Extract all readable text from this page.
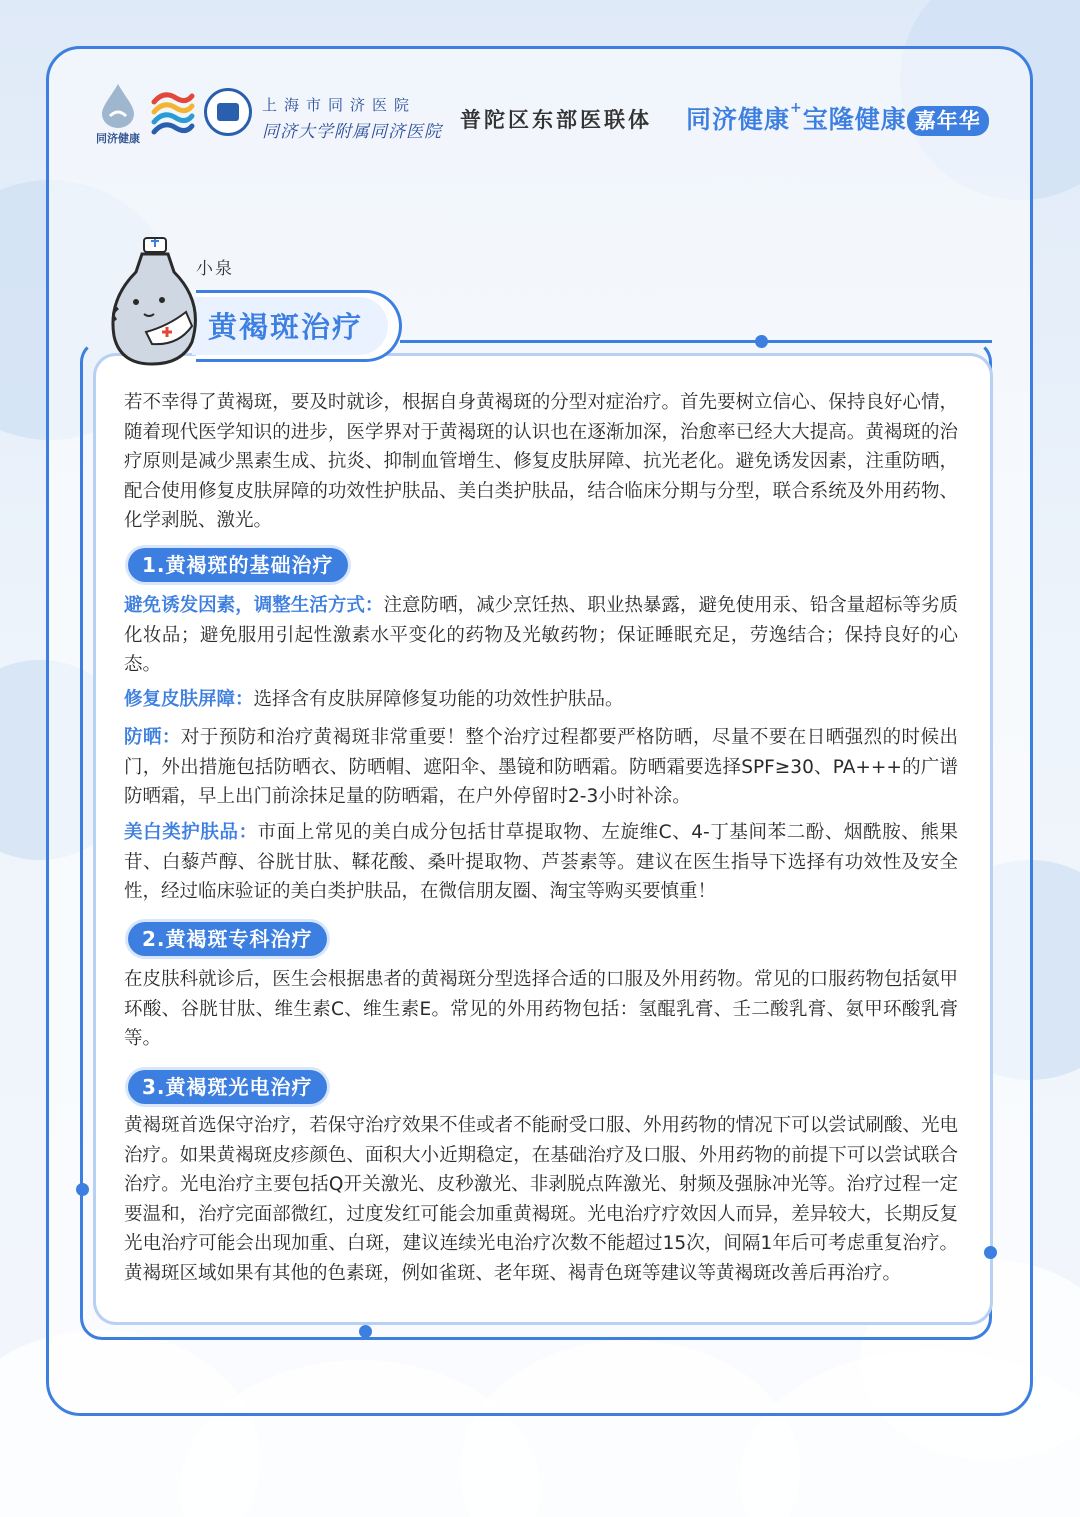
同济健康
上海市同济医院
同济大学附属同济医院 普陀区东部医联体 同济健康+宝隆健康 嘉年华
黄褐斑治疗
小泉
若不幸得了黄褐斑，要及时就诊，根据自身黄褐斑的分型对症治疗。首先要树立信心、保持良好心情，随着现代医学知识的进步，医学界对于黄褐斑的认识也在逐渐加深，治愈率已经大大提高。黄褐斑的治疗原则是减少黑素生成、抗炎、抑制血管增生、修复皮肤屏障、抗光老化。避免诱发因素，注重防晒，配合使用修复皮肤屏障的功效性护肤品、美白类护肤品，结合临床分期与分型，联合系统及外用药物、化学剥脱、激光。
1.黄褐斑的基础治疗
避免诱发因素，调整生活方式：注意防晒，减少烹饪热、职业热暴露，避免使用汞、铅含量超标等劣质化妆品；避免服用引起性激素水平变化的药物及光敏药物；保证睡眠充足，劳逸结合；保持良好的心态。
修复皮肤屏障：选择含有皮肤屏障修复功能的功效性护肤品。
防晒：对于预防和治疗黄褐斑非常重要！整个治疗过程都要严格防晒，尽量不要在日晒强烈的时候出门，外出措施包括防晒衣、防晒帽、遮阳伞、墨镜和防晒霜。防晒霜要选择SPF≥30、PA+++的广谱防晒霜，早上出门前涂抹足量的防晒霜，在户外停留时2-3小时补涂。
美白类护肤品：市面上常见的美白成分包括甘草提取物、左旋维C、4-丁基间苯二酚、烟酰胺、熊果苷、白藜芦醇、谷胱甘肽、鞣花酸、桑叶提取物、芦荟素等。建议在医生指导下选择有功效性及安全性，经过临床验证的美白类护肤品，在微信朋友圈、淘宝等购买要慎重！
2.黄褐斑专科治疗
在皮肤科就诊后，医生会根据患者的黄褐斑分型选择合适的口服及外用药物。常见的口服药物包括氨甲环酸、谷胱甘肽、维生素C、维生素E。常见的外用药物包括：氢醌乳膏、壬二酸乳膏、氨甲环酸乳膏等。
3.黄褐斑光电治疗
黄褐斑首选保守治疗，若保守治疗效果不佳或者不能耐受口服、外用药物的情况下可以尝试刷酸、光电治疗。如果黄褐斑皮疹颜色、面积大小近期稳定，在基础治疗及口服、外用药物的前提下可以尝试联合治疗。光电治疗主要包括Q开关激光、皮秒激光、非剥脱点阵激光、射频及强脉冲光等。治疗过程一定要温和，治疗完面部微红，过度发红可能会加重黄褐斑。光电治疗疗效因人而异，差异较大，长期反复光电治疗可能会出现加重、白斑，建议连续光电治疗次数不能超过15次，间隔1年后可考虑重复治疗。黄褐斑区域如果有其他的色素斑，例如雀斑、老年斑、褐青色斑等建议等黄褐斑改善后再治疗。
